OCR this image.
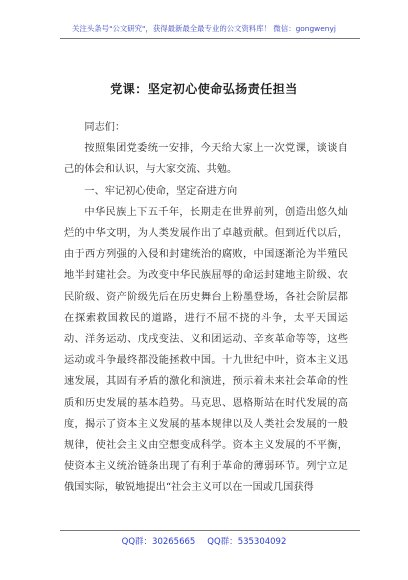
关注头条号"公文研究"，获得最新最全最专业的公文资料库！ 微信：gongwenyj
党课：坚定初心使命弘扬责任担当

同志们：

按照集团党委统一安排，今天给大家上一次党课，谈谈自己的体会和认识，与大家交流、共勉。

一、牢记初心使命，坚定奋进方向

中华民族上下五千年，长期走在世界前列，创造出悠久灿烂的中华文明，为人类发展作出了卓越贡献。但到近代以后，由于西方列强的入侵和封建统治的腐败，中国逐渐沦为半殖民地半封建社会。为改变中华民族屈辱的命运封建地主阶级、农民阶级、资产阶级先后在历史舞台上粉墨登场，各社会阶层都在探索救国救民的道路，进行不屈不挠的斗争，太平天国运动、洋务运动、戊戌变法、义和团运动、辛亥革命等等，这些运动或斗争最终都没能拯救中国。十九世纪中叶，资本主义迅速发展，其固有矛盾的激化和演进，预示着未来社会革命的性质和历史发展的基本趋势。马克思、恩格斯站在时代发展的高度，揭示了资本主义发展的基本规律以及人类社会发展的一般规律，使社会主义由空想变成科学。资本主义发展的不平衡，使资本主义统治链条出现了有利于革命的薄弱环节。列宁立足俄国实际，敏锐地提出“社会主义可以在一国或几国获得

QQ群：30265665 QQ群：535304092
